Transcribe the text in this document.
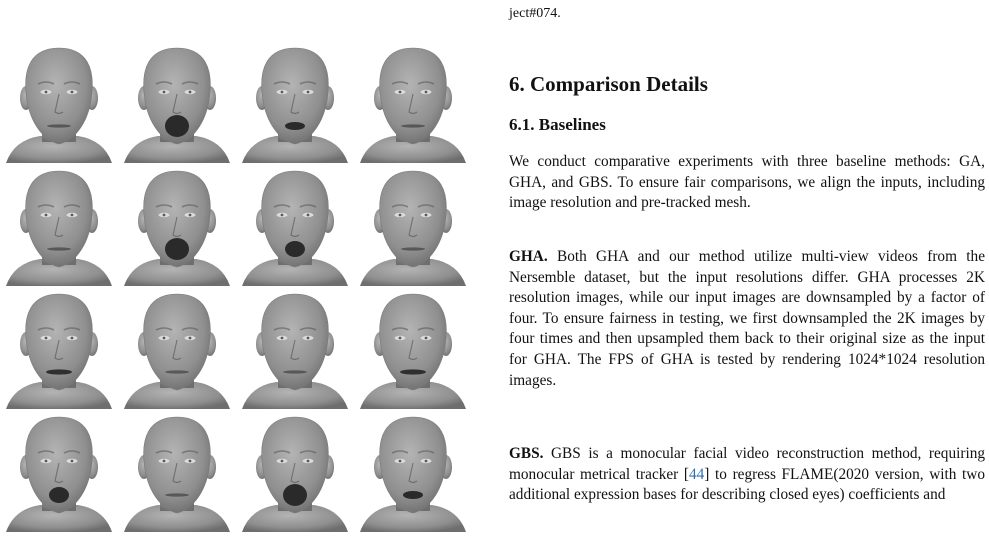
ject#074.
6. Comparison Details
6.1. Baselines

We conduct comparative experiments with three baseline methods: GA, GHA, and GBS. To ensure fair comparisons, we align the inputs, including image resolution and pre-tracked mesh.

GHA. Both GHA and our method utilize multi-view videos from the Nersemble dataset, but the input resolutions differ. GHA processes 2K resolution images, while our input images are downsampled by a factor of four. To ensure fairness in testing, we first downsampled the 2K images by four times and then upsampled them back to their original size as the input for GHA. The FPS of GHA is tested by rendering 1024*1024 resolution images.

GBS. GBS is a monocular facial video reconstruction method, requiring monocular metrical tracker [44] to regress FLAME(2020 version, with two additional expression bases for describing closed eyes) coefficients and
